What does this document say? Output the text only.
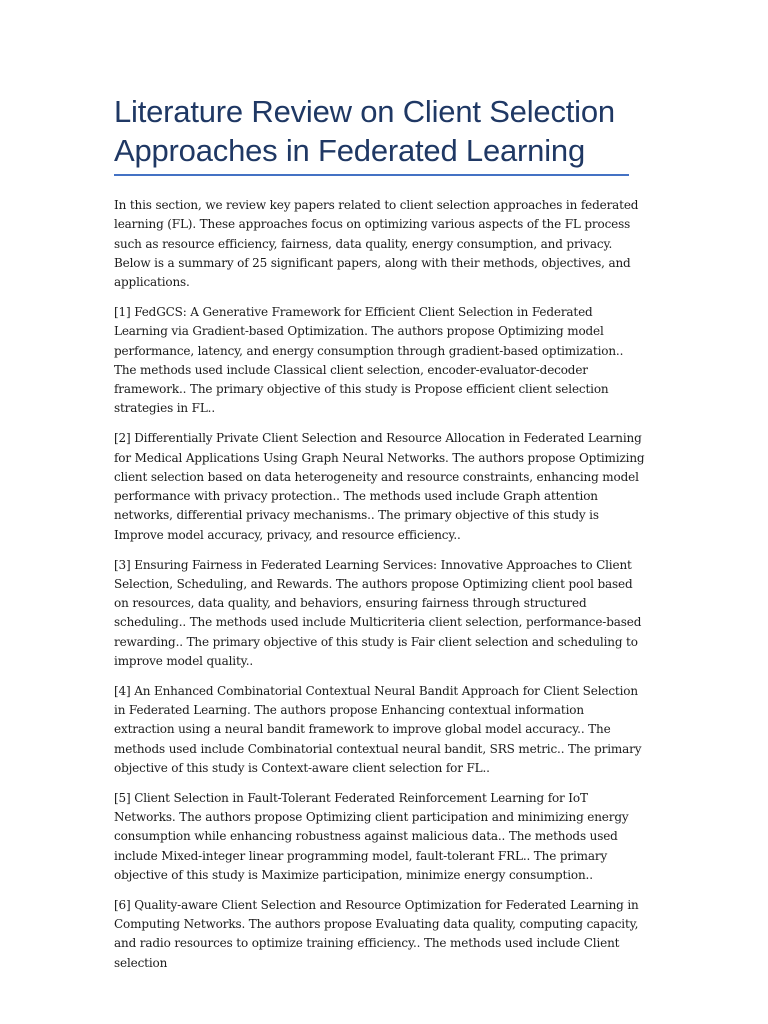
Literature Review on Client Selection Approaches in Federated Learning

In this section, we review key papers related to client selection approaches in federated learning (FL). These approaches focus on optimizing various aspects of the FL process such as resource efficiency, fairness, data quality, energy consumption, and privacy. Below is a summary of 25 significant papers, along with their methods, objectives, and applications.

[1] FedGCS: A Generative Framework for Efficient Client Selection in Federated Learning via Gradient-based Optimization. The authors propose Optimizing model performance, latency, and energy consumption through gradient-based optimization.. The methods used include Classical client selection, encoder-evaluator-decoder framework.. The primary objective of this study is Propose efficient client selection strategies in FL..

[2] Differentially Private Client Selection and Resource Allocation in Federated Learning for Medical Applications Using Graph Neural Networks. The authors propose Optimizing client selection based on data heterogeneity and resource constraints, enhancing model performance with privacy protection.. The methods used include Graph attention networks, differential privacy mechanisms.. The primary objective of this study is Improve model accuracy, privacy, and resource efficiency..

[3] Ensuring Fairness in Federated Learning Services: Innovative Approaches to Client Selection, Scheduling, and Rewards. The authors propose Optimizing client pool based on resources, data quality, and behaviors, ensuring fairness through structured scheduling.. The methods used include Multicriteria client selection, performance-based rewarding.. The primary objective of this study is Fair client selection and scheduling to improve model quality..

[4] An Enhanced Combinatorial Contextual Neural Bandit Approach for Client Selection in Federated Learning. The authors propose Enhancing contextual information extraction using a neural bandit framework to improve global model accuracy.. The methods used include Combinatorial contextual neural bandit, SRS metric.. The primary objective of this study is Context-aware client selection for FL..

[5] Client Selection in Fault-Tolerant Federated Reinforcement Learning for IoT Networks. The authors propose Optimizing client participation and minimizing energy consumption while enhancing robustness against malicious data.. The methods used include Mixed-integer linear programming model, fault-tolerant FRL.. The primary objective of this study is Maximize participation, minimize energy consumption..

[6] Quality-aware Client Selection and Resource Optimization for Federated Learning in Computing Networks. The authors propose Evaluating data quality, computing capacity, and radio resources to optimize training efficiency.. The methods used include Client selection
